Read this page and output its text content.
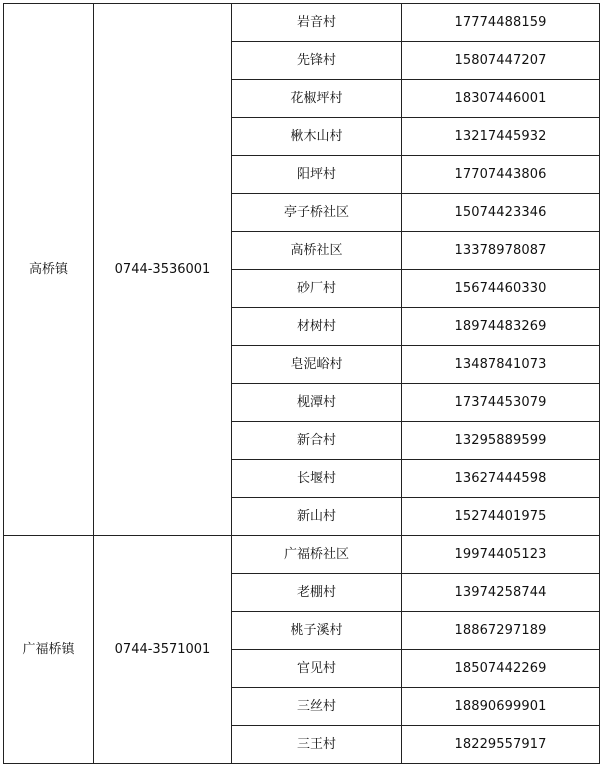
高桥镇	0744-3536001	岩音村	17774488159
		先锋村	15807447207
		花椒坪村	18307446001
		楸木山村	13217445932
		阳坪村	17707443806
		亭子桥社区	15074423346
		高桥社区	13378978087
		砂厂村	15674460330
		材树村	18974483269
		皂泥峪村	13487841073
		枧潭村	17374453079
		新合村	13295889599
		长堰村	13627444598
		新山村	15274401975
广福桥镇	0744-3571001	广福桥社区	19974405123
		老棚村	13974258744
		桃子溪村	18867297189
		官见村	18507442269
		三丝村	18890699901
		三王村	18229557917
